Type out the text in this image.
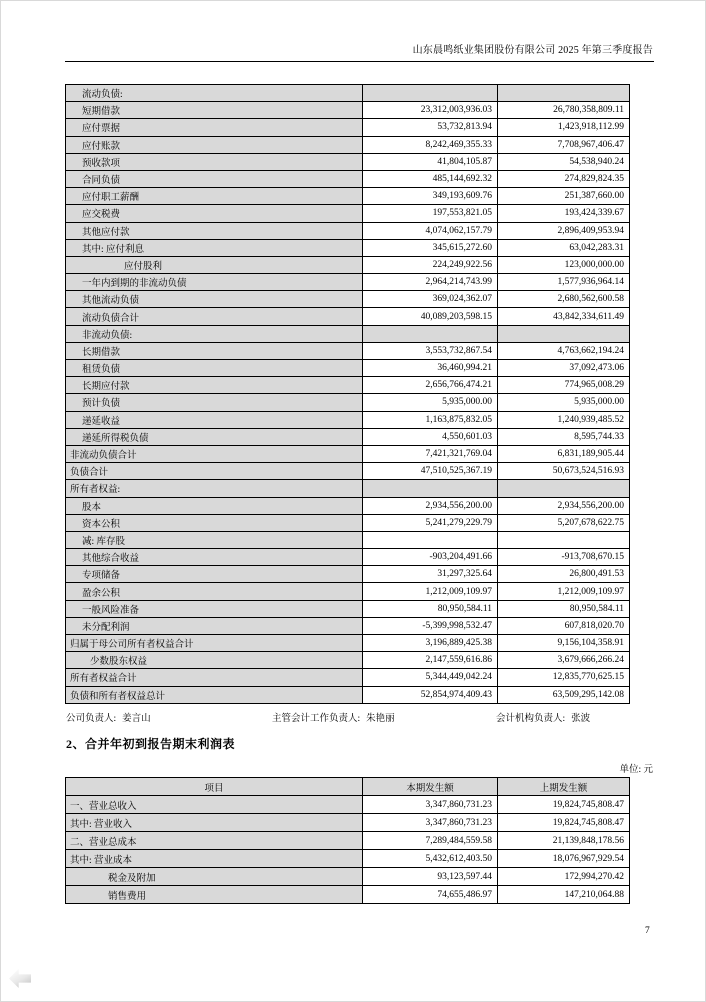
山东晨鸣纸业集团股份有限公司 2025 年第三季度报告
流动负债:		
短期借款	23,312,003,936.03	26,780,358,809.11
应付票据	53,732,813.94	1,423,918,112.99
应付账款	8,242,469,355.33	7,708,967,406.47
预收款项	41,804,105.87	54,538,940.24
合同负债	485,144,692.32	274,829,824.35
应付职工薪酬	349,193,609.76	251,387,660.00
应交税费	197,553,821.05	193,424,339.67
其他应付款	4,074,062,157.79	2,896,409,953.94
其中: 应付利息	345,615,272.60	63,042,283.31
应付股利	224,249,922.56	123,000,000.00
一年内到期的非流动负债	2,964,214,743.99	1,577,936,964.14
其他流动负债	369,024,362.07	2,680,562,600.58
流动负债合计	40,089,203,598.15	43,842,334,611.49
非流动负债:		
长期借款	3,553,732,867.54	4,763,662,194.24
租赁负债	36,460,994.21	37,092,473.06
长期应付款	2,656,766,474.21	774,965,008.29
预计负债	5,935,000.00	5,935,000.00
递延收益	1,163,875,832.05	1,240,939,485.52
递延所得税负债	4,550,601.03	8,595,744.33
非流动负债合计	7,421,321,769.04	6,831,189,905.44
负债合计	47,510,525,367.19	50,673,524,516.93
所有者权益:		
股本	2,934,556,200.00	2,934,556,200.00
资本公积	5,241,279,229.79	5,207,678,622.75
减: 库存股		
其他综合收益	-903,204,491.66	-913,708,670.15
专项储备	31,297,325.64	26,800,491.53
盈余公积	1,212,009,109.97	1,212,009,109.97
一般风险准备	80,950,584.11	80,950,584.11
未分配利润	-5,399,998,532.47	607,818,020.70
归属于母公司所有者权益合计	3,196,889,425.38	9,156,104,358.91
少数股东权益	2,147,559,616.86	3,679,666,266.24
所有者权益合计	5,344,449,042.24	12,835,770,625.15
负债和所有者权益总计	52,854,974,409.43	63,509,295,142.08
公司负责人: 姜言山	主管会计工作负责人: 朱艳丽	会计机构负责人: 张波
2、合并年初到报告期末利润表
单位: 元
项目	本期发生额	上期发生额
一、营业总收入	3,347,860,731.23	19,824,745,808.47
其中: 营业收入	3,347,860,731.23	19,824,745,808.47
二、营业总成本	7,289,484,559.58	21,139,848,178.56
其中: 营业成本	5,432,612,403.50	18,076,967,929.54
税金及附加	93,123,597.44	172,994,270.42
销售费用	74,655,486.97	147,210,064.88
7
